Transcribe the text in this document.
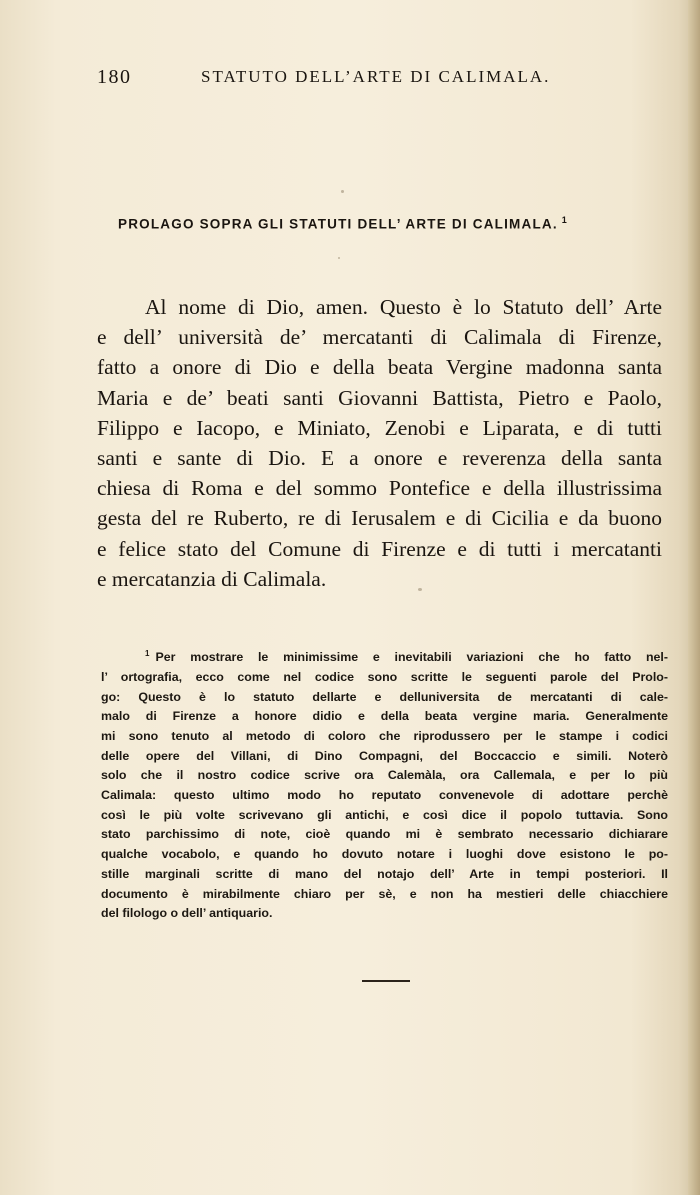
180	STATUTO DELL’ARTE DI CALIMALA.
PROLAGO SOPRA GLI STATUTI DELL’ ARTE DI CALIMALA. $^1$
Al nome di Dio, amen. Questo è lo Statuto dell’ Arte
e dell’ università de’ mercatanti di Calimala di Firenze,
fatto a onore di Dio e della beata Vergine madonna santa
Maria e de’ beati santi Giovanni Battista, Pietro e Paolo,
Filippo e Iacopo, e Miniato, Zenobi e Liparata, e di tutti
santi e sante di Dio. E a onore e reverenza della santa
chiesa di Roma e del sommo Pontefice e della illustrissima
gesta del re Ruberto, re di Ierusalem e di Cicilia e da buono
e felice stato del Comune di Firenze e di tutti i mercatanti
e mercatanzia di Calimala.
$^1$ Per mostrare le minimissime e inevitabili variazioni che ho fatto nel-
l’ ortografia, ecco come nel codice sono scritte le seguenti parole del Prolo-
go: Questo è lo statuto dellarte e delluniversita de mercatanti di cale-
malo di Firenze a honore didio e della beata vergine maria. Generalmente
mi sono tenuto al metodo di coloro che riprodussero per le stampe i codici
delle opere del Villani, di Dino Compagni, del Boccaccio e simili. Noterò
solo che il nostro codice scrive ora Calemàla, ora Callemala, e per lo più
Calimala: questo ultimo modo ho reputato convenevole di adottare perchè
così le più volte scrivevano gli antichi, e così dice il popolo tuttavia. Sono
stato parchissimo di note, cioè quando mi è sembrato necessario dichiarare
qualche vocabolo, e quando ho dovuto notare i luoghi dove esistono le po-
stille marginali scritte di mano del notajo dell’ Arte in tempi posteriori. Il
documento è mirabilmente chiaro per sè, e non ha mestieri delle chiacchiere
del filologo o dell’ antiquario.
